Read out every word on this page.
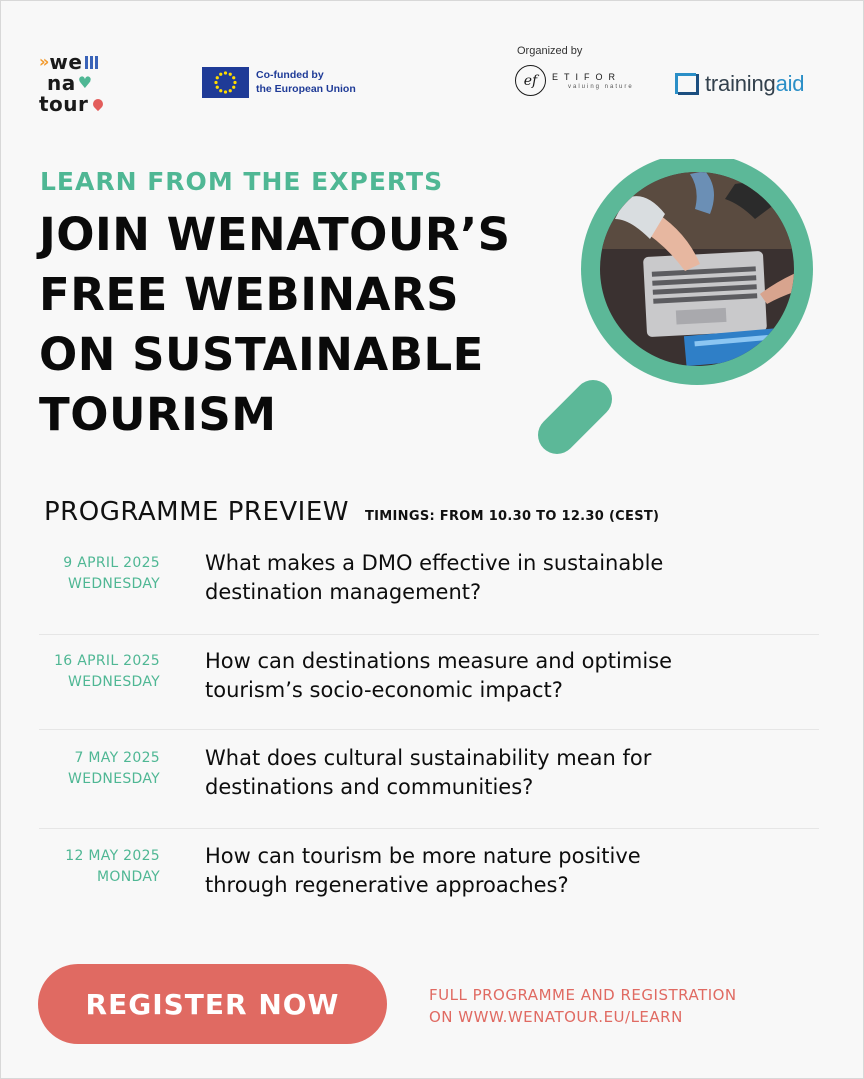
» we
na ♥
tour
Co-funded by
the European Union
Organized by
ef ETIFOR
valuing nature	trainingaid
LEARN FROM THE EXPERTS
JOIN WENATOUR’S
FREE WEBINARS
ON SUSTAINABLE
TOURISM
PROGRAMME PREVIEW TIMINGS: FROM 10.30 TO 12.30 (CEST)
9 APRIL 2025
WEDNESDAY
What makes a DMO effective in sustainable
destination management?
16 APRIL 2025
WEDNESDAY
How can destinations measure and optimise
tourism’s socio-economic impact?
7 MAY 2025
WEDNESDAY
What does cultural sustainability mean for
destinations and communities?
12 MAY 2025
MONDAY
How can tourism be more nature positive
through regenerative approaches?
REGISTER NOW	FULL PROGRAMME AND REGISTRATION
ON WWW.WENATOUR.EU/LEARN
